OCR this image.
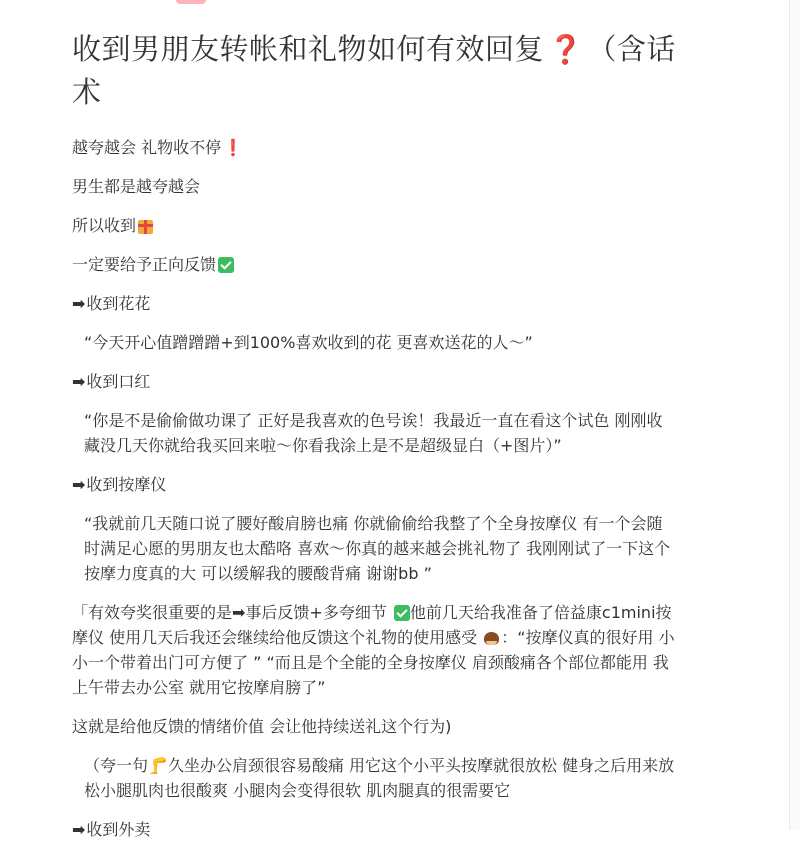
收到男朋友转帐和礼物如何有效回复 ❓ （含话术

越夸越会 礼物收不停 ❗

男生都是越夸越会

所以收到

一定要给予正向反馈

➡收到花花

“今天开心值蹭蹭蹭+到100%喜欢收到的花 更喜欢送花的人～”

➡收到口红

“你是不是偷偷做功课了 正好是我喜欢的色号诶！我最近一直在看这个试色 刚刚收藏没几天你就给我买回来啦～你看我涂上是不是超级显白（+图片）”

➡收到按摩仪

“我就前几天随口说了腰好酸肩膀也痛 你就偷偷给我整了个全身按摩仪 有一个会随时满足心愿的男朋友也太酷咯 喜欢～你真的越来越会挑礼物了 我刚刚试了一下这个按摩力度真的大 可以缓解我的腰酸背痛 谢谢bb ”

「有效夸奖很重要的是➡事后反馈+多夸细节 他前几天给我准备了倍益康c1mini按摩仪 使用几天后我还会继续给他反馈这个礼物的使用感受 ：“按摩仪真的很好用 小小一个带着出门可方便了 ” “而且是个全能的全身按摩仪 肩颈酸痛各个部位都能用 我上午带去办公室 就用它按摩肩膀了”

这就是给他反馈的情绪价值 会让他持续送礼这个行为)

（夸一句🦵久坐办公肩颈很容易酸痛 用它这个小平头按摩就很放松 健身之后用来放松小腿肌肉也很酸爽 小腿肉会变得很软 肌肉腿真的很需要它

➡收到外卖
